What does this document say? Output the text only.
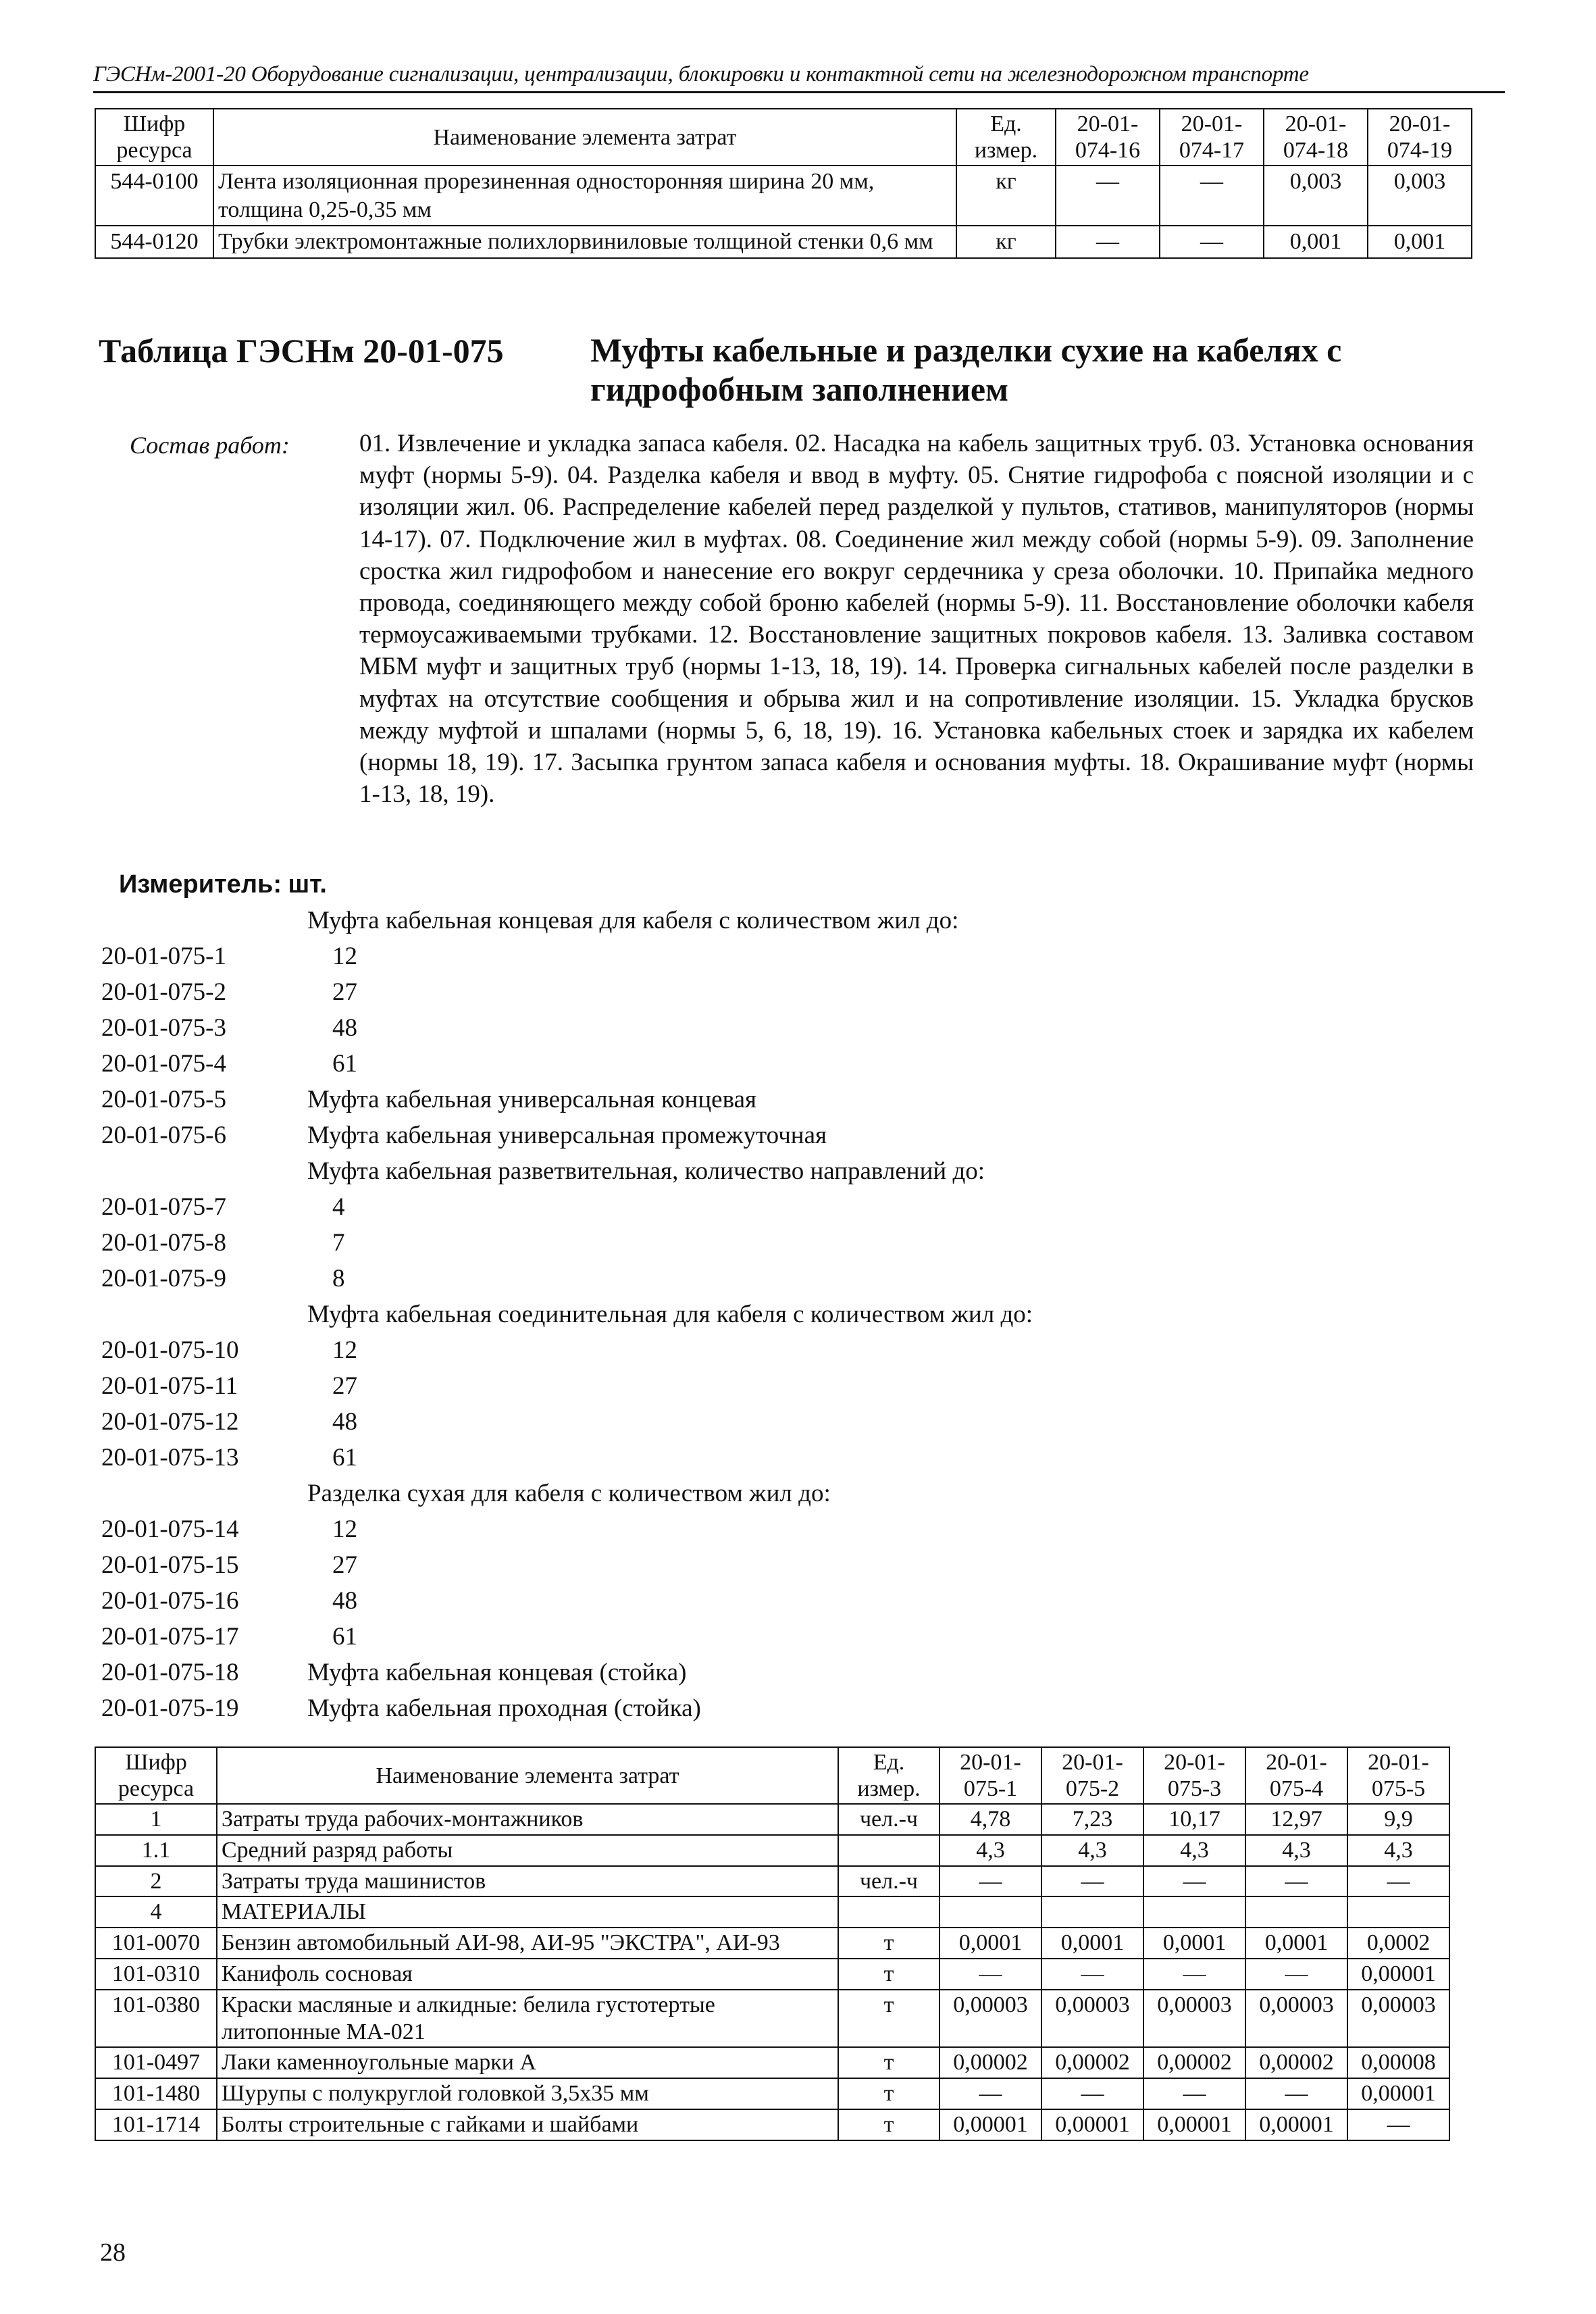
ГЭСНм-2001-20 Оборудование сигнализации, централизации, блокировки и контактной сети на железнодорожном транспорте
Шифр ресурса	Наименование элемента затрат	Ед. измер.	20-01-074-16	20-01-074-17	20-01-074-18	20-01-074-19
544-0100	Лента изоляционная прорезиненная односторонняя ширина 20 мм, толщина 0,25-0,35 мм	кг	—	—	0,003	0,003
544-0120	Трубки электромонтажные полихлорвиниловые толщиной стенки 0,6 мм	кг	—	—	0,001	0,001
Таблица ГЭСНм 20-01-075	Муфты кабельные и разделки сухие на кабелях с гидрофобным заполнением
Состав работ:	01. Извлечение и укладка запаса кабеля. 02. Насадка на кабель защитных труб. 03. Установка основания муфт (нормы 5-9). 04. Разделка кабеля и ввод в муфту. 05. Снятие гидрофоба с поясной изоляции и с изоляции жил. 06. Распределение кабелей перед разделкой у пультов, стативов, манипуляторов (нормы 14-17). 07. Подключение жил в муфтах. 08. Соединение жил между собой (нормы 5-9). 09. Заполнение сростка жил гидрофобом и нанесение его вокруг сердечника у среза оболочки. 10. Припайка медного провода, соединяющего между собой броню кабелей (нормы 5-9). 11. Восстановление оболочки кабеля термоусаживаемыми трубками. 12. Восстановление защитных покровов кабеля. 13. Заливка составом МБМ муфт и защитных труб (нормы 1-13, 18, 19). 14. Проверка сигнальных кабелей после разделки в муфтах на отсутствие сообщения и обрыва жил и на сопротивление изоляции. 15. Укладка брусков между муфтой и шпалами (нормы 5, 6, 18, 19). 16. Установка кабельных стоек и зарядка их кабелем (нормы 18, 19). 17. Засыпка грунтом запаса кабеля и основания муфты. 18. Окрашивание муфт (нормы 1-13, 18, 19).
Измеритель: шт.
Муфта кабельная концевая для кабеля с количеством жил до:
20-01-075-1	12
20-01-075-2	27
20-01-075-3	48
20-01-075-4	61
20-01-075-5	Муфта кабельная универсальная концевая
20-01-075-6	Муфта кабельная универсальная промежуточная
Муфта кабельная разветвительная, количество направлений до:
20-01-075-7	4
20-01-075-8	7
20-01-075-9	8
Муфта кабельная соединительная для кабеля с количеством жил до:
20-01-075-10	12
20-01-075-11	27
20-01-075-12	48
20-01-075-13	61
Разделка сухая для кабеля с количеством жил до:
20-01-075-14	12
20-01-075-15	27
20-01-075-16	48
20-01-075-17	61
20-01-075-18	Муфта кабельная концевая (стойка)
20-01-075-19	Муфта кабельная проходная (стойка)
Шифр ресурса	Наименование элемента затрат	Ед. измер.	20-01-075-1	20-01-075-2	20-01-075-3	20-01-075-4	20-01-075-5
1	Затраты труда рабочих-монтажников	чел.-ч	4,78	7,23	10,17	12,97	9,9
1.1	Средний разряд работы		4,3	4,3	4,3	4,3	4,3
2	Затраты труда машинистов	чел.-ч	—	—	—	—	—
4	МАТЕРИАЛЫ						
101-0070	Бензин автомобильный АИ-98, АИ-95 "ЭКСТРА", АИ-93	т	0,0001	0,0001	0,0001	0,0001	0,0002
101-0310	Канифоль сосновая	т	—	—	—	—	0,00001
101-0380	Краски масляные и алкидные: белила густотертые литопонные МА-021	т	0,00003	0,00003	0,00003	0,00003	0,00003
101-0497	Лаки каменноугольные марки А	т	0,00002	0,00002	0,00002	0,00002	0,00008
101-1480	Шурупы с полукруглой головкой 3,5х35 мм	т	—	—	—	—	0,00001
101-1714	Болты строительные с гайками и шайбами	т	0,00001	0,00001	0,00001	0,00001	—
28
